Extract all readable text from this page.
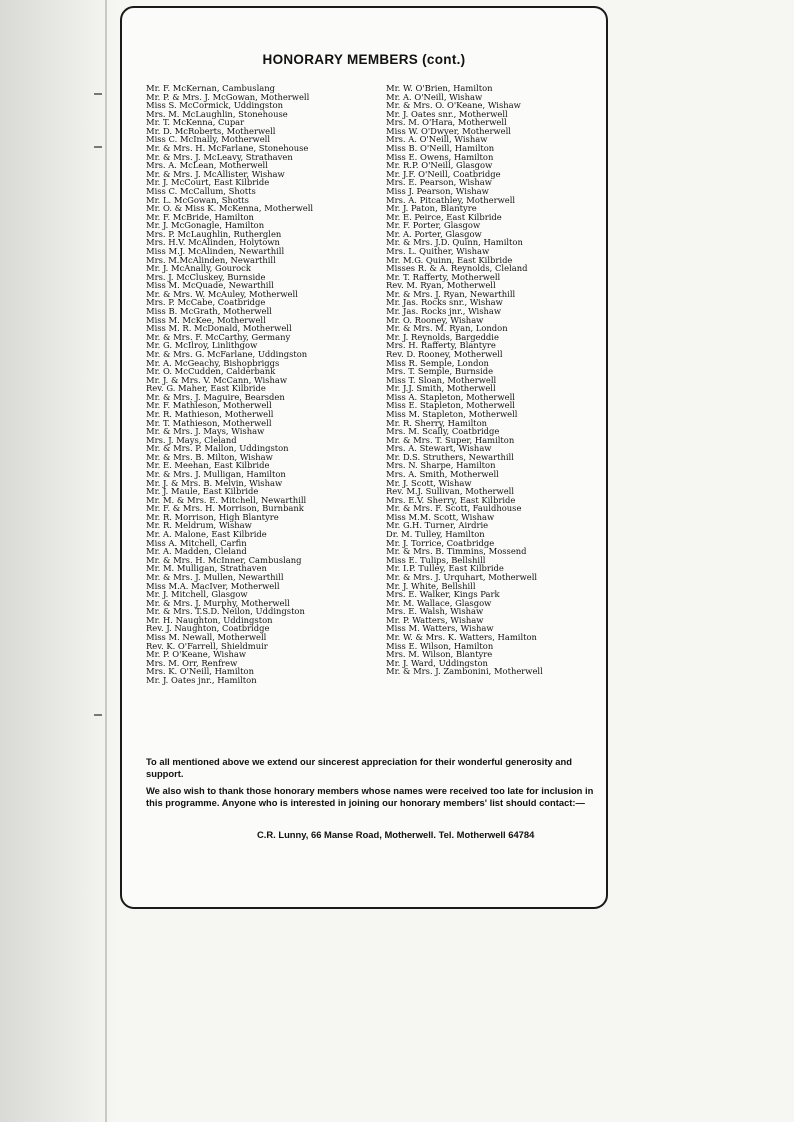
HONORARY MEMBERS (cont.)
Mr. F. McKernan, Cambuslang
Mr. P. & Mrs. J. McGowan, Motherwell
Miss S. McCormick, Uddingston
Mrs. M. McLaughlin, Stonehouse
Mr. T. McKenna, Cupar
Mr. D. McRoberts, Motherwell
Miss C. McInally, Motherwell
Mr. & Mrs. H. McFarlane, Stonehouse
Mr. & Mrs. J. McLeavy, Strathaven
Mrs. A. McLean, Motherwell
Mr. & Mrs. J. McAllister, Wishaw
Mr. J. McCourt, East Kilbride
Miss C. McCallum, Shotts
Mr. L. McGowan, Shotts
Mr. O. & Miss K. McKenna, Motherwell
Mr. F. McBride, Hamilton
Mr. J. McGonagle, Hamilton
Mrs. P. McLaughlin, Rutherglen
Mrs. H.V. McAlinden, Holytown
Miss M.J. McAlinden, Newarthill
Mrs. M.McAlinden, Newarthill
Mr. J. McAnally, Gourock
Mrs. J. McCluskey, Burnside
Miss M. McQuade, Newarthill
Mr. & Mrs. W. McAuley, Motherwell
Mrs. P. McCabe, Coatbridge
Miss B. McGrath, Motherwell
Miss M. McKee, Motherwell
Miss M. R. McDonald, Motherwell
Mr. & Mrs. F. McCarthy, Germany
Mr. G. McIlroy, Linlithgow
Mr. & Mrs. G. McFarlane, Uddingston
Mr. A. McGeachy, Bishopbriggs
Mr. O. McCudden, Calderbank
Mr. J. & Mrs. V. McCann, Wishaw
Rev. G. Maher, East Kilbride
Mr. & Mrs. J. Maguire, Bearsden
Mr. F. Mathieson, Motherwell
Mr. R. Mathieson, Motherwell
Mr. T. Mathieson, Motherwell
Mr. & Mrs. J. Mays, Wishaw
Mrs. J. Mays, Cleland
Mr. & Mrs. P. Mallon, Uddingston
Mr. & Mrs. B. Milton, Wishaw
Mr. E. Meehan, East Kilbride
Mr. & Mrs. J. Mulligan, Hamilton
Mr. J. & Mrs. B. Melvin, Wishaw
Mr. J. Maule, East Kilbride
Mr. M. & Mrs. E. Mitchell, Newarthill
Mr. F. & Mrs. H. Morrison, Burnbank
Mr. R. Morrison, High Blantyre
Mr. R. Meldrum, Wishaw
Mr. A. Malone, East Kilbride
Miss A. Mitchell, Carfin
Mr. A. Madden, Cleland
Mr. & Mrs. H. McInner, Cambuslang
Mr. M. Mulligan, Strathaven
Mr. & Mrs. J. Mullen, Newarthill
Miss M.A. MacIver, Motherwell
Mr. J. Mitchell, Glasgow
Mr. & Mrs. J. Murphy, Motherwell
Mr. & Mrs. T.S.D. Neilon, Uddingston
Mr. H. Naughton, Uddingston
Rev. J. Naughton, Coatbridge
Miss M. Newall, Motherwell
Rev. K. O'Farrell, Shieldmuir
Mr. P. O'Keane, Wishaw
Mrs. M. Orr, Renfrew
Mrs. K. O'Neill, Hamilton
Mr. J. Oates jnr., Hamilton
Mr. W. O'Brien, Hamilton
Mr. A. O'Neill, Wishaw
Mr. & Mrs. O. O'Keane, Wishaw
Mr. J. Oates snr., Motherwell
Mrs. M. O'Hara, Motherwell
Miss W. O'Dwyer, Motherwell
Mrs. A. O'Neill, Wishaw
Miss B. O'Neill, Hamilton
Miss E. Owens, Hamilton
Mr. R.P. O'Neill, Glasgow
Mr. J.F. O'Neill, Coatbridge
Mrs. E. Pearson, Wishaw
Miss J. Pearson, Wishaw
Mrs. A. Pitcathley, Motherwell
Mr. J. Paton, Blantyre
Mr. E. Peirce, East Kilbride
Mr. F. Porter, Glasgow
Mr. A. Porter, Glasgow
Mr. & Mrs. J.D. Quinn, Hamilton
Mrs. L. Quither, Wishaw
Mr. M.G. Quinn, East Kilbride
Misses R. & A. Reynolds, Cleland
Mr. T. Rafferty, Motherwell
Rev. M. Ryan, Motherwell
Mr. & Mrs. J. Ryan, Newarthill
Mr. Jas. Rocks snr., Wishaw
Mr. Jas. Rocks jnr., Wishaw
Mr. O. Rooney, Wishaw
Mr. & Mrs. M. Ryan, London
Mr. J. Reynolds, Bargeddie
Mrs. H. Rafferty, Blantyre
Rev. D. Rooney, Motherwell
Miss R. Semple, London
Mrs. T. Semple, Burnside
Miss T. Sloan, Motherwell
Mr. J.J. Smith, Motherwell
Miss A. Stapleton, Motherwell
Miss E. Stapleton, Motherwell
Miss M. Stapleton, Motherwell
Mr. R. Sherry, Hamilton
Mrs. M. Scally, Coatbridge
Mr. & Mrs. T. Super, Hamilton
Mrs. A. Stewart, Wishaw
Mr. D.S. Struthers, Newarthill
Mrs. N. Sharpe, Hamilton
Mrs. A. Smith, Motherwell
Mr. J. Scott, Wishaw
Rev. M.J. Sullivan, Motherwell
Mrs. E.V. Sherry, East Kilbride
Mr. & Mrs. F. Scott, Fauldhouse
Miss M.M. Scott, Wishaw
Mr. G.H. Turner, Airdrie
Dr. M. Tulley, Hamilton
Mr. J. Torrice, Coatbridge
Mr. & Mrs. B. Timmins, Mossend
Miss E. Tulips, Bellshill
Mr. I.P. Tulley, East Kilbride
Mr. & Mrs. J. Urquhart, Motherwell
Mr. J. White, Bellshill
Mrs. E. Walker, Kings Park
Mr. M. Wallace, Glasgow
Mrs. E. Walsh, Wishaw
Mr. P. Watters, Wishaw
Miss M. Watters, Wishaw
Mr. W. & Mrs. K. Watters, Hamilton
Miss E. Wilson, Hamilton
Mrs. M. Wilson, Blantyre
Mr. J. Ward, Uddingston
Mr. & Mrs. J. Zambonini, Motherwell
To all mentioned above we extend our sincerest appreciation for their wonderful generosity and support.
We also wish to thank those honorary members whose names were received too late for inclusion in this programme. Anyone who is interested in joining our honorary members' list should contact:—
C.R. Lunny, 66 Manse Road, Motherwell. Tel. Motherwell 64784
